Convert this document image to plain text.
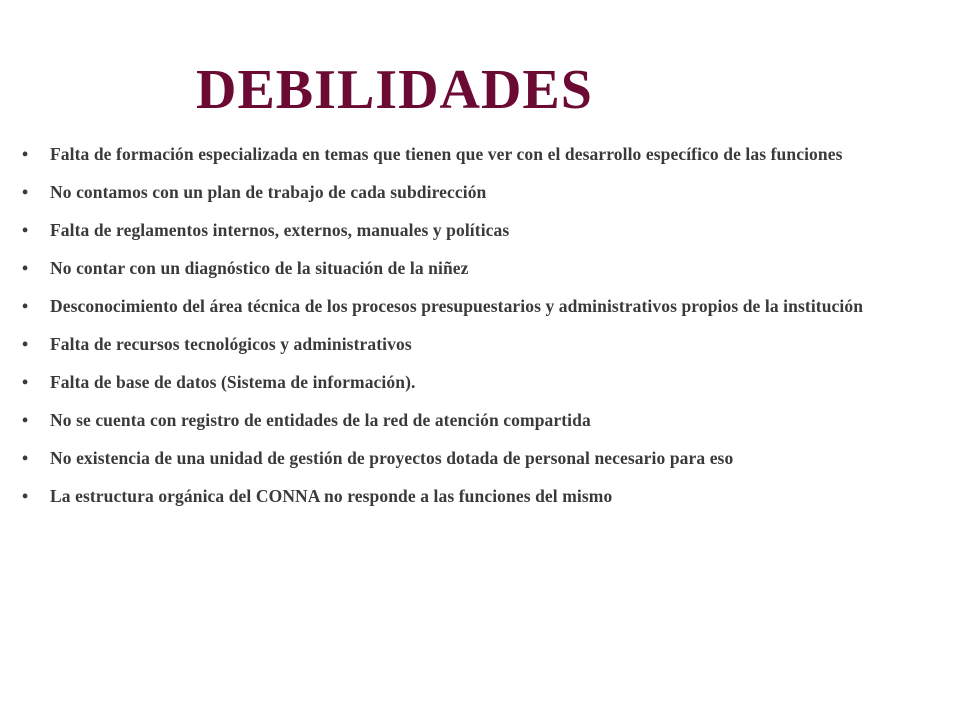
DEBILIDADES
•	Falta de formación especializada en temas que tienen que ver con el desarrollo específico de las funciones
•	No contamos con un plan de trabajo de cada subdirección
•	Falta de reglamentos internos, externos, manuales y políticas
•	No contar con un diagnóstico de la situación de la niñez
•	Desconocimiento del área técnica de los procesos presupuestarios y administrativos propios de la institución
•	Falta de recursos tecnológicos y administrativos
•	Falta de base de datos (Sistema de información).
•	No se cuenta con registro de entidades de la red de atención compartida
•	No existencia de una unidad de gestión de proyectos dotada de personal necesario para eso
•	La estructura orgánica del CONNA no responde a las funciones del mismo
